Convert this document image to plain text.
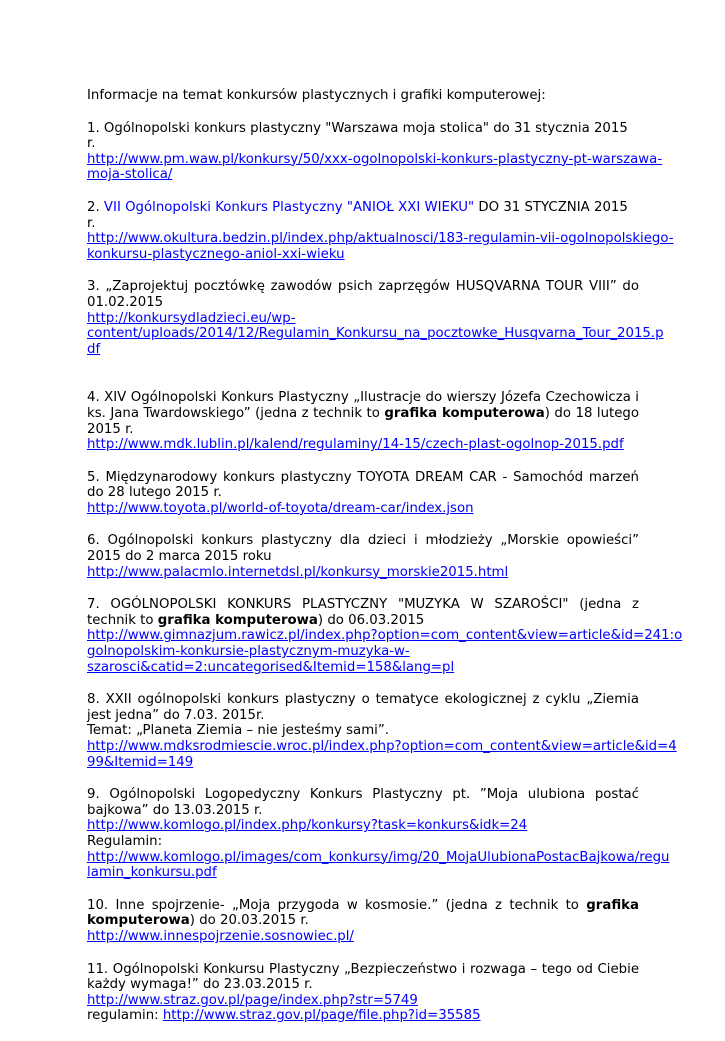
Informacje na temat konkursów plastycznych i grafiki komputerowej:

1. Ogólnopolski konkurs plastyczny "Warszawa moja stolica" do 31 stycznia 2015 r.

http://www.pm.waw.pl/konkursy/50/xxx-ogolnopolski-konkurs-plastyczny-pt-warszawa-
moja-stolica/

2. VII Ogólnopolski Konkurs Plastyczny "ANIOŁ XXI WIEKU" DO 31 STYCZNIA 2015 r.

http://www.okultura.bedzin.pl/index.php/aktualnosci/183-regulamin-vii-ogolnopolskiego-
konkursu-plastycznego-aniol-xxi-wieku

3. „Zaprojektuj pocztówkę zawodów psich zaprzęgów HUSQVARNA TOUR VIII” do 01.02.2015

http://konkursydladzieci.eu/wp-
content/uploads/2014/12/Regulamin_Konkursu_na_pocztowke_Husqvarna_Tour_2015.p
df

4. XIV Ogólnopolski Konkurs Plastyczny „Ilustracje do wierszy Józefa Czechowicza i ks. Jana Twardowskiego” (jedna z technik to grafika komputerowa) do 18 lutego 2015 r.

http://www.mdk.lublin.pl/kalend/regulaminy/14-15/czech-plast-ogolnop-2015.pdf

5. Międzynarodowy konkurs plastyczny TOYOTA DREAM CAR - Samochód marzeń do 28 lutego 2015 r.

http://www.toyota.pl/world-of-toyota/dream-car/index.json

6. Ogólnopolski konkurs plastyczny dla dzieci i młodzieży „Morskie opowieści” 2015 do 2 marca 2015 roku

http://www.palacmlo.internetdsl.pl/konkursy_morskie2015.html

7. OGÓLNOPOLSKI KONKURS PLASTYCZNY "MUZYKA W SZAROŚCI" (jedna z technik to grafika komputerowa) do 06.03.2015

http://www.gimnazjum.rawicz.pl/index.php?option=com_content&view=article&id=241:o
golnopolskim-konkursie-plastycznym-muzyka-w-
szarosci&catid=2:uncategorised&Itemid=158&lang=pl

8. XXII ogólnopolski konkurs plastyczny o tematyce ekologicznej z cyklu „Ziemia jest jedna” do 7.03. 2015r.

Temat: „Planeta Ziemia – nie jesteśmy sami”.

http://www.mdksrodmiescie.wroc.pl/index.php?option=com_content&view=article&id=4
99&Itemid=149

9. Ogólnopolski Logopedyczny Konkurs Plastyczny pt. ”Moja ulubiona postać bajkowa” do 13.03.2015 r.

http://www.komlogo.pl/index.php/konkursy?task=konkurs&idk=24

Regulamin:

http://www.komlogo.pl/images/com_konkursy/img/20_MojaUlubionaPostacBajkowa/regu
lamin_konkursu.pdf

10. Inne spojrzenie- „Moja przygoda w kosmosie.” (jedna z technik to grafika komputerowa) do 20.03.2015 r.

http://www.innespojrzenie.sosnowiec.pl/

11. Ogólnopolski Konkursu Plastyczny „Bezpieczeństwo i rozwaga – tego od Ciebie każdy wymaga!” do 23.03.2015 r.

http://www.straz.gov.pl/page/index.php?str=5749

regulamin: http://www.straz.gov.pl/page/file.php?id=35585
